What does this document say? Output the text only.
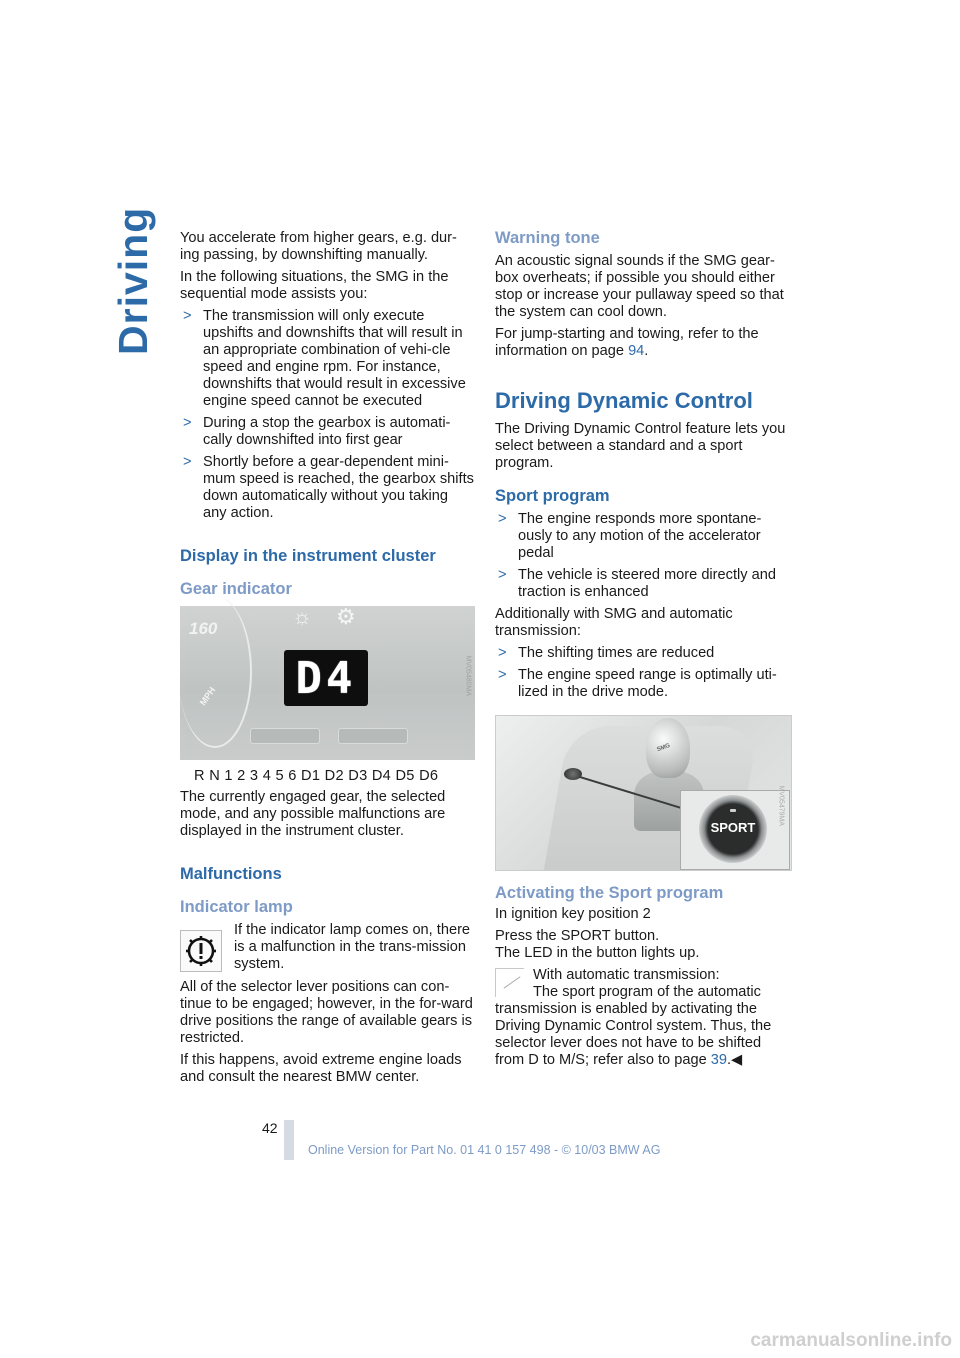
Driving You accelerate from higher gears, e.g. dur-ing passing, by downshifting manually.

In the following situations, the SMG in the sequential mode assists you:

> The transmission will only execute upshifts and downshifts that will result in an appropriate combination of vehi-cle speed and engine rpm. For instance, downshifts that would result in excessive engine speed cannot be executed
> During a stop the gearbox is automati-cally downshifted into first gear
> Shortly before a gear-dependent mini-mum speed is reached, the gearbox shifts down automatically without you taking any action.
Display in the instrument cluster
Gear indicator
160
MPH
☼ ⚙
D4	MV05480MA
R N 1 2 3 4 5 6 D1 D2 D3 D4 D5 D6

The currently engaged gear, the selected mode, and any possible malfunctions are displayed in the instrument cluster.

Malfunctions
Indicator lamp
If the indicator lamp comes on, there is a malfunction in the trans-mission system.

All of the selector lever positions can con-tinue to be engaged; however, in the for-ward drive positions the range of available gears is restricted.

If this happens, avoid extreme engine loads and consult the nearest BMW center.

Warning tone

An acoustic signal sounds if the SMG gear-box overheats; if possible you should either stop or increase your pullaway speed so that the system can cool down.

For jump-starting and towing, refer to the information on page 94.

Driving Dynamic Control

The Driving Dynamic Control feature lets you select between a standard and a sport program.

Sport program
> The engine responds more spontane-ously to any motion of the accelerator pedal
> The vehicle is steered more directly and traction is enhanced

Additionally with SMG and automatic transmission:

> The shifting times are reduced
> The engine speed range is optimally uti-lized in the drive mode.
SMG
SPORT
MV05479MA
Activating the Sport program

In ignition key position 2

Press the SPORT button.

The LED in the button lights up.

With automatic transmission:
The sport program of the automatic transmission is enabled by activating the Driving Dynamic Control system. Thus, the selector lever does not have to be shifted from D to M/S; refer also to page 39.◀
42
Online Version for Part No. 01 41 0 157 498 - © 10/03 BMW AG
carmanualsonline.info
